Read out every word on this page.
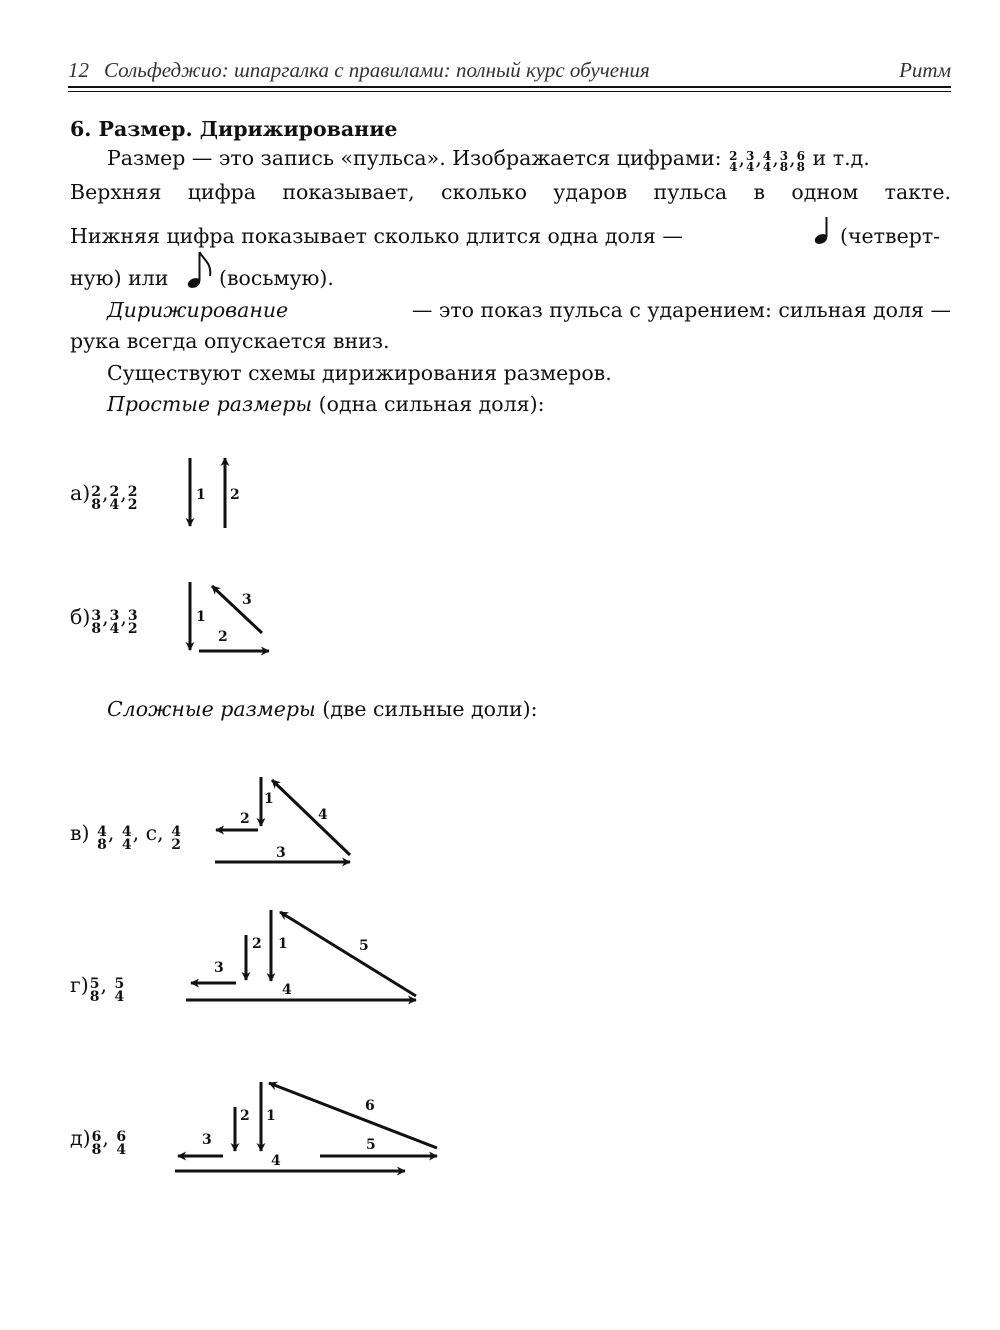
12 Сольфеджио: шпаргалка с правилами: полный курс обучения	Ритм
6. Размер. Дирижирование
Размер — это запись «пульса». Изображается цифрами: 2
4 , 3
4 , 4
4 , 3
8 , 6
8 и т.д.
Верхняя цифра показывает, сколько ударов пульса в одном такте.
Нижняя цифра показывает сколько длится одна доля —	(четверт-
ную) или (восьмую).
Дирижирование	— это показ пульса с ударением: сильная доля —
рука всегда опускается вниз.
Существуют схемы дирижирования размеров.
Простые размеры (одна сильная доля):
Сложные размеры (две сильные доли):
а) 2
8 , 2
4 , 2
2
б) 3
8 , 3
4 , 3
2
в) 4
8 , 4
4 , с, 4
2
г) 5
8 , 5
4
д) 6
8 , 6
4
1 2
1
2
3
1
2
3
4
1
2
3
4
5
1
2
3
4
5
6
